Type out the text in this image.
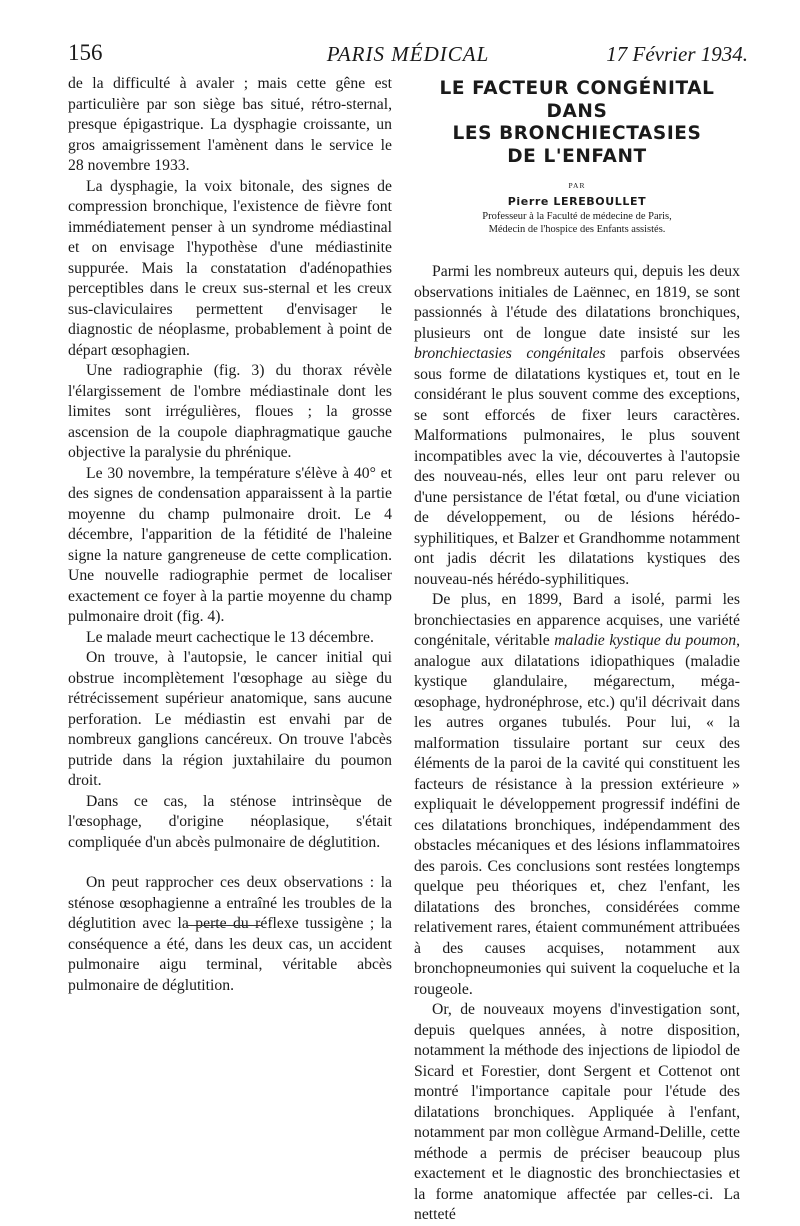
156	PARIS MÉDICAL	17 Février 1934.

de la difficulté à avaler ; mais cette gêne est particulière par son siège bas situé, rétro-sternal, presque épigastrique. La dysphagie croissante, un gros amaigrissement l'amènent dans le service le 28 novembre 1933.

La dysphagie, la voix bitonale, des signes de compression bronchique, l'existence de fièvre font immédiatement penser à un syndrome médiastinal et on envisage l'hypothèse d'une médiastinite suppurée. Mais la constatation d'adénopathies perceptibles dans le creux sus-sternal et les creux sus-claviculaires permettent d'envisager le diagnostic de néoplasme, probablement à point de départ œsophagien.

Une radiographie (fig. 3) du thorax révèle l'élargissement de l'ombre médiastinale dont les limites sont irrégulières, floues ; la grosse ascension de la coupole diaphragmatique gauche objective la paralysie du phrénique.

Le 30 novembre, la température s'élève à 40° et des signes de condensation apparaissent à la partie moyenne du champ pulmonaire droit. Le 4 décembre, l'apparition de la fétidité de l'haleine signe la nature gangreneuse de cette complication. Une nouvelle radiographie permet de localiser exactement ce foyer à la partie moyenne du champ pulmonaire droit (fig. 4).

Le malade meurt cachectique le 13 décembre.

On trouve, à l'autopsie, le cancer initial qui obstrue incomplètement l'œsophage au siège du rétrécissement supérieur anatomique, sans aucune perforation. Le médiastin est envahi par de nombreux ganglions cancéreux. On trouve l'abcès putride dans la région juxtahilaire du poumon droit.

Dans ce cas, la sténose intrinsèque de l'œsophage, d'origine néoplasique, s'était compliquée d'un abcès pulmonaire de déglutition.

On peut rapprocher ces deux observations : la sténose œsophagienne a entraîné les troubles de la déglutition avec la perte du réflexe tussigène ; la conséquence a été, dans les deux cas, un accident pulmonaire aigu terminal, véritable abcès pulmonaire de déglutition.

LE FACTEUR CONGÉNITAL
DANS
LES BRONCHIECTASIES
DE L'ENFANT
PAR
Pierre LEREBOULLET
Professeur à la Faculté de médecine de Paris,
Médecin de l'hospice des Enfants assistés.

Parmi les nombreux auteurs qui, depuis les deux observations initiales de Laënnec, en 1819, se sont passionnés à l'étude des dilatations bronchiques, plusieurs ont de longue date insisté sur les bronchiectasies congénitales parfois observées sous forme de dilatations kystiques et, tout en le considérant le plus souvent comme des exceptions, se sont efforcés de fixer leurs caractères. Malformations pulmonaires, le plus souvent incompatibles avec la vie, découvertes à l'autopsie des nouveau-nés, elles leur ont paru relever ou d'une persistance de l'état fœtal, ou d'une viciation de développement, ou de lésions hérédo-syphilitiques, et Balzer et Grandhomme notamment ont jadis décrit les dilatations kystiques des nouveau-nés hérédo-syphilitiques.

De plus, en 1899, Bard a isolé, parmi les bronchiectasies en apparence acquises, une variété congénitale, véritable maladie kystique du poumon, analogue aux dilatations idiopathiques (maladie kystique glandulaire, mégarectum, méga-œsophage, hydronéphrose, etc.) qu'il décrivait dans les autres organes tubulés. Pour lui, « la malformation tissulaire portant sur ceux des éléments de la paroi de la cavité qui constituent les facteurs de résistance à la pression extérieure » expliquait le développement progressif indéfini de ces dilatations bronchiques, indépendamment des obstacles mécaniques et des lésions inflammatoires des parois. Ces conclusions sont restées longtemps quelque peu théoriques et, chez l'enfant, les dilatations des bronches, considérées comme relativement rares, étaient communément attribuées à des causes acquises, notamment aux bronchopneumonies qui suivent la coqueluche et la rougeole.

Or, de nouveaux moyens d'investigation sont, depuis quelques années, à notre disposition, notamment la méthode des injections de lipiodol de Sicard et Forestier, dont Sergent et Cottenot ont montré l'importance capitale pour l'étude des dilatations bronchiques. Appliquée à l'enfant, notamment par mon collègue Armand-Delille, cette méthode a permis de préciser beaucoup plus exactement et le diagnostic des bronchiectasies et la forme anatomique affectée par celles-ci. La netteté
